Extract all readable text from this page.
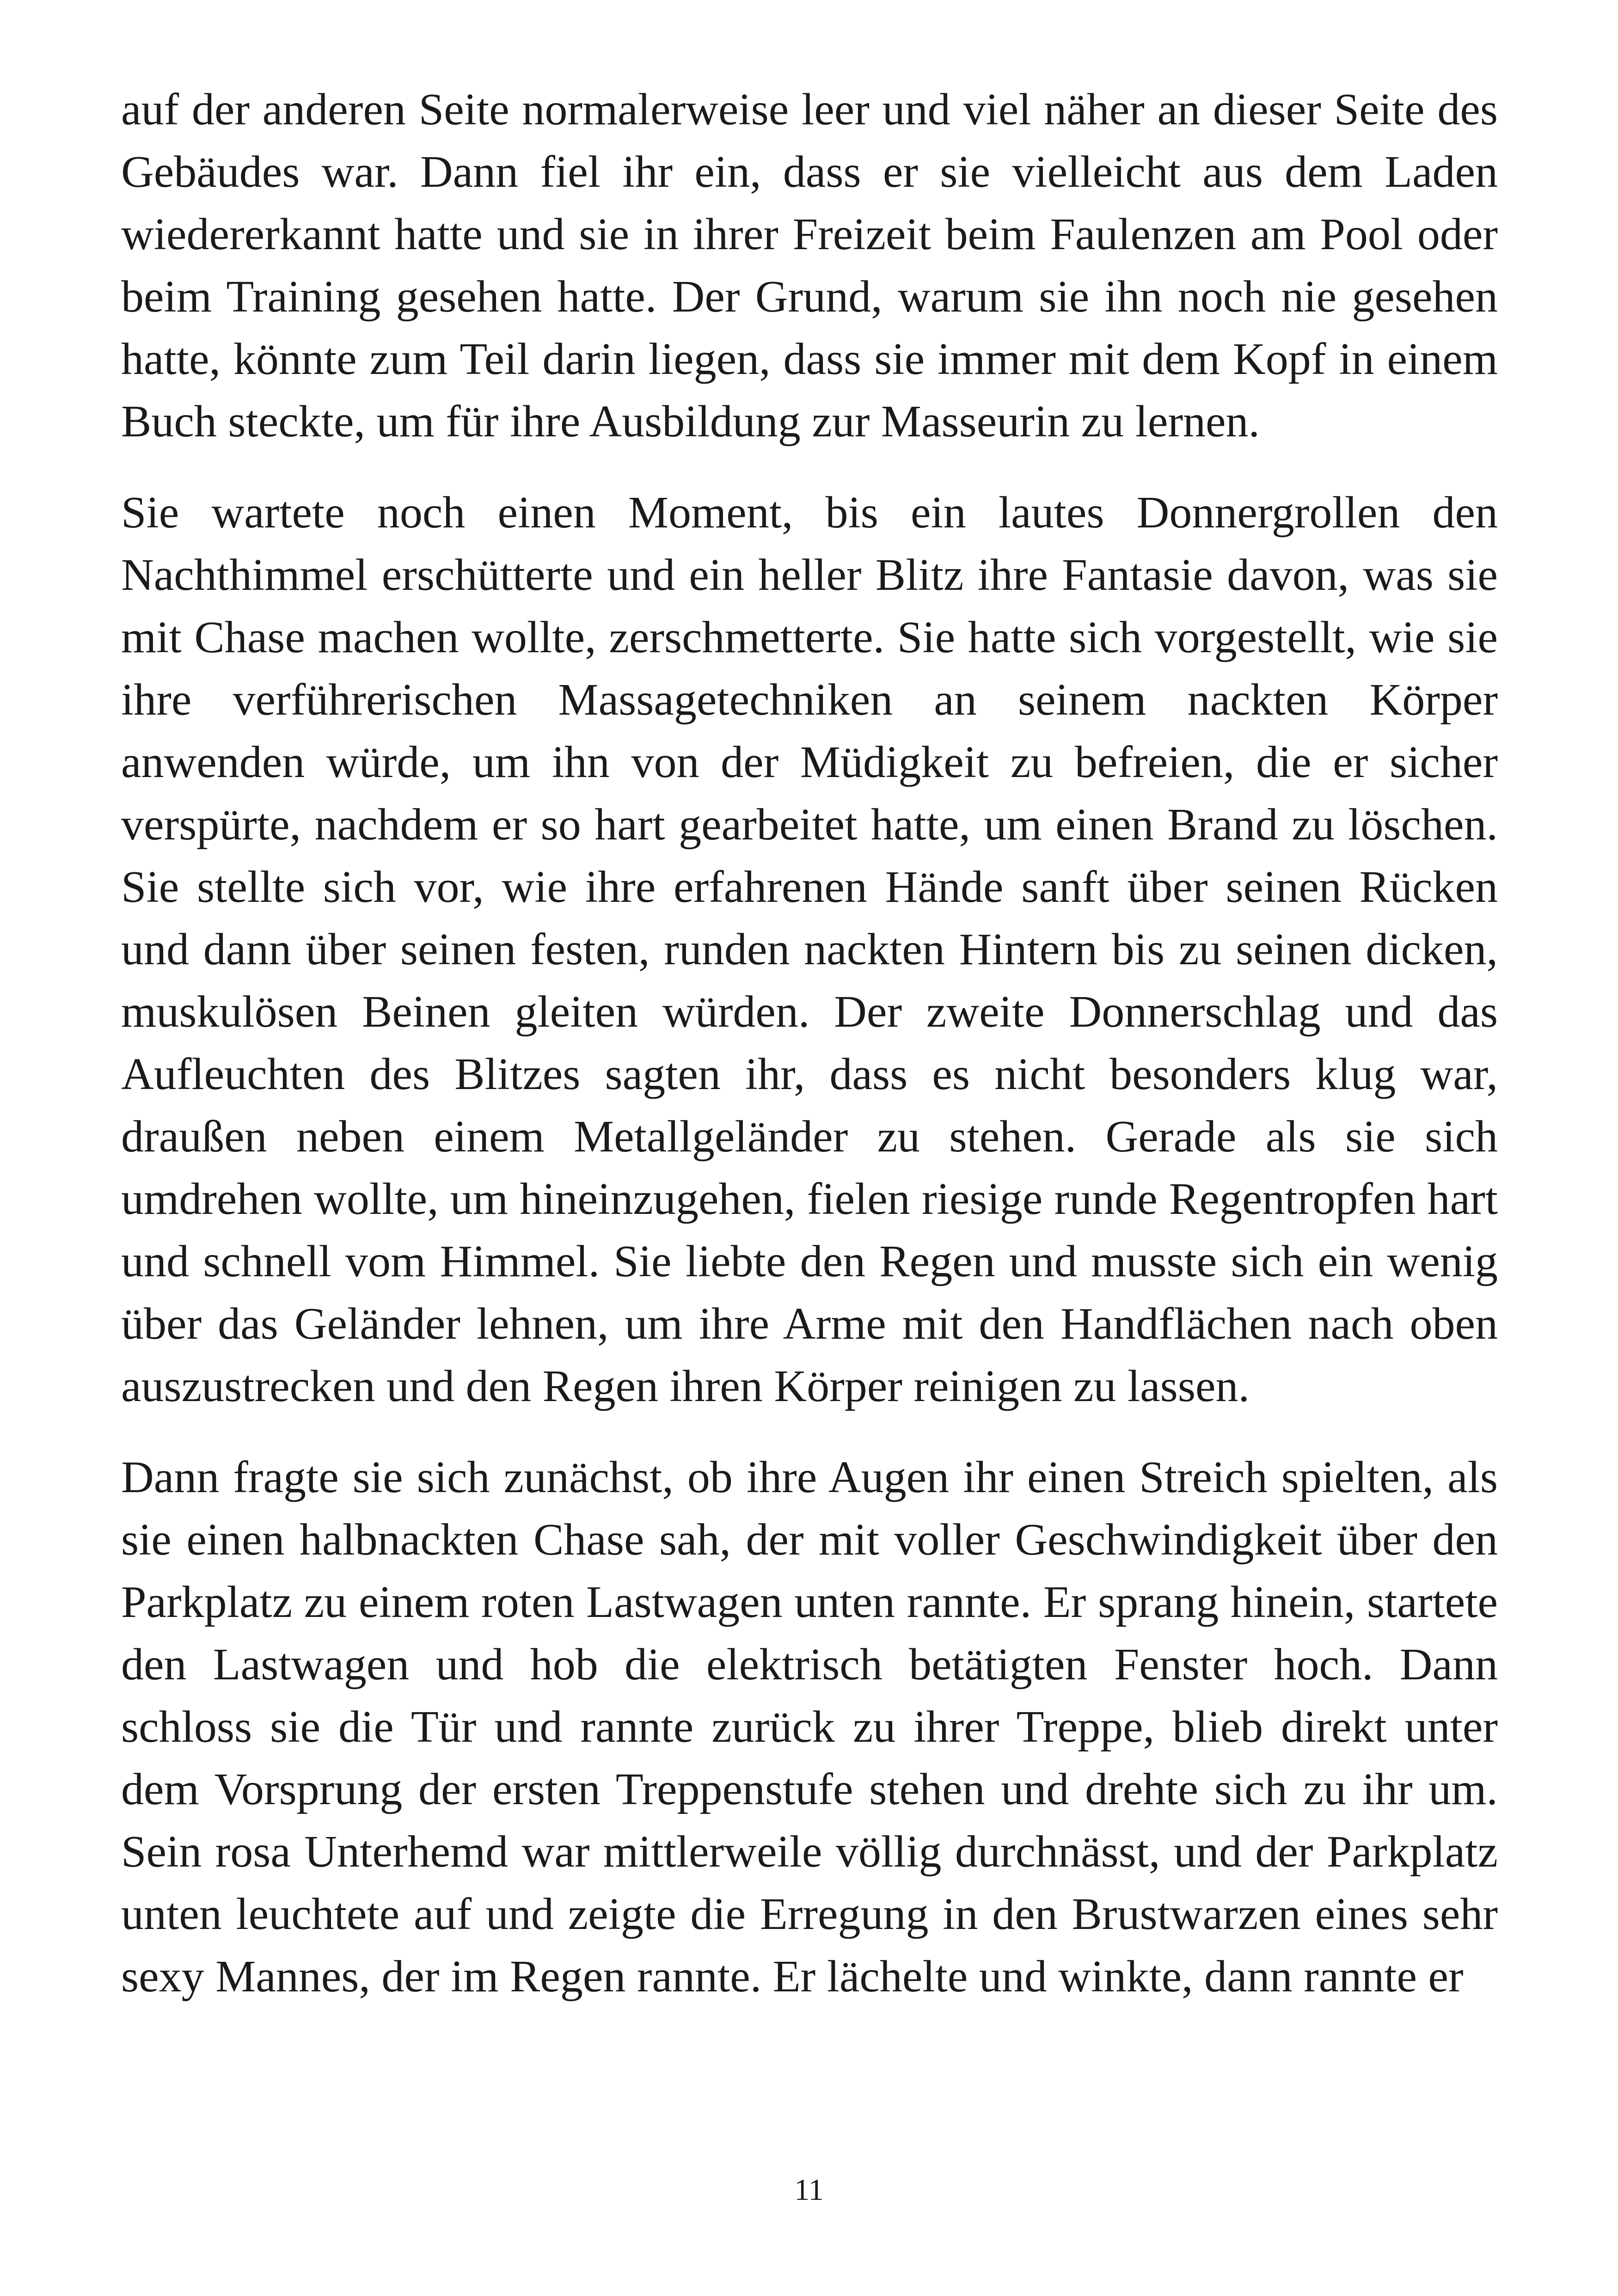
auf der anderen Seite normalerweise leer und viel näher an dieser Seite des Gebäudes war. Dann fiel ihr ein, dass er sie vielleicht aus dem Laden wiedererkannt hatte und sie in ihrer Freizeit beim Faulenzen am Pool oder beim Training gesehen hatte. Der Grund, warum sie ihn noch nie gesehen hatte, könnte zum Teil darin liegen, dass sie immer mit dem Kopf in einem Buch steckte, um für ihre Ausbildung zur Masseurin zu lernen.

Sie wartete noch einen Moment, bis ein lautes Donnergrollen den Nachthimmel erschütterte und ein heller Blitz ihre Fantasie davon, was sie mit Chase machen wollte, zerschmetterte. Sie hatte sich vorgestellt, wie sie ihre verführerischen Massagetechniken an seinem nackten Körper anwenden würde, um ihn von der Müdigkeit zu befreien, die er sicher verspürte, nachdem er so hart gearbeitet hatte, um einen Brand zu löschen. Sie stellte sich vor, wie ihre erfahrenen Hände sanft über seinen Rücken und dann über seinen festen, runden nackten Hintern bis zu seinen dicken, muskulösen Beinen gleiten würden. Der zweite Donnerschlag und das Aufleuchten des Blitzes sagten ihr, dass es nicht besonders klug war, draußen neben einem Metallgeländer zu stehen. Gerade als sie sich umdrehen wollte, um hineinzugehen, fielen riesige runde Regentropfen hart und schnell vom Himmel. Sie liebte den Regen und musste sich ein wenig über das Geländer lehnen, um ihre Arme mit den Handflächen nach oben auszustrecken und den Regen ihren Körper reinigen zu lassen.

Dann fragte sie sich zunächst, ob ihre Augen ihr einen Streich spielten, als sie einen halbnackten Chase sah, der mit voller Geschwindigkeit über den Parkplatz zu einem roten Lastwagen unten rannte. Er sprang hinein, startete den Lastwagen und hob die elektrisch betätigten Fenster hoch. Dann schloss sie die Tür und rannte zurück zu ihrer Treppe, blieb direkt unter dem Vorsprung der ersten Treppenstufe stehen und drehte sich zu ihr um. Sein rosa Unterhemd war mittlerweile völlig durchnässt, und der Parkplatz unten leuchtete auf und zeigte die Erregung in den Brustwarzen eines sehr sexy Mannes, der im Regen rannte. Er lächelte und winkte, dann rannte er

11
